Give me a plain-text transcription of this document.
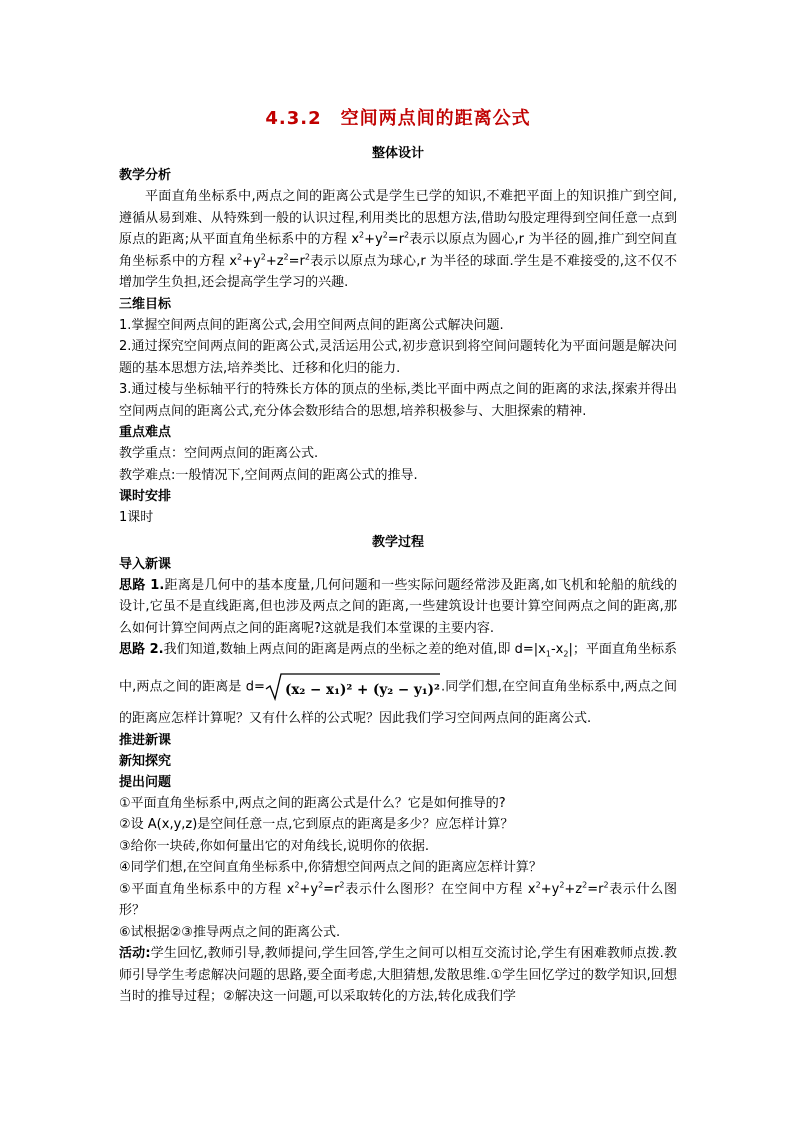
4.3.2　空间两点间的距离公式
整体设计
教学分析

平面直角坐标系中,两点之间的距离公式是学生已学的知识,不难把平面上的知识推广到空间,遵循从易到难、从特殊到一般的认识过程,利用类比的思想方法,借助勾股定理得到空间任意一点到原点的距离;从平面直角坐标系中的方程 $x^2+y^2=r^2$表示以原点为圆心,r 为半径的圆,推广到空间直角坐标系中的方程 $x^2+y^2+z^2=r^2$表示以原点为球心,r 为半径的球面.学生是不难接受的,这不仅不增加学生负担,还会提高学生学习的兴趣.

三维目标

1.掌握空间两点间的距离公式,会用空间两点间的距离公式解决问题.

2.通过探究空间两点间的距离公式,灵活运用公式,初步意识到将空间问题转化为平面问题是解决问题的基本思想方法,培养类比、迁移和化归的能力.

3.通过棱与坐标轴平行的特殊长方体的顶点的坐标,类比平面中两点之间的距离的求法,探索并得出空间两点间的距离公式,充分体会数形结合的思想,培养积极参与、大胆探索的精神.

重点难点

教学重点：空间两点间的距离公式.

教学难点:一般情况下,空间两点间的距离公式的推导.

课时安排

1课时

教学过程
导入新课

思路 1.距离是几何中的基本度量,几何问题和一些实际问题经常涉及距离,如飞机和轮船的航线的设计,它虽不是直线距离,但也涉及两点之间的距离,一些建筑设计也要计算空间两点之间的距离,那么如何计算空间两点之间的距离呢?这就是我们本堂课的主要内容.

思路 2.我们知道,数轴上两点间的距离是两点的坐标之差的绝对值,即 $d=|x_1-x_2|$；平面直角坐标系中,两点之间的距离是 d= (x₂ − x₁)² + (y₂ − y₁)² .同学们想,在空间直角坐标系中,两点之间的距离应怎样计算呢？又有什么样的公式呢？因此我们学习空间两点间的距离公式.

推进新课
新知探究
提出问题

①平面直角坐标系中,两点之间的距离公式是什么？它是如何推导的?

②设 A(x,y,z)是空间任意一点,它到原点的距离是多少？应怎样计算？

③给你一块砖,你如何量出它的对角线长,说明你的依据.

④同学们想,在空间直角坐标系中,你猜想空间两点之间的距离应怎样计算？

⑤平面直角坐标系中的方程 $x^2+y^2=r^2$表示什么图形？在空间中方程 $x^2+y^2+z^2=r^2$表示什么图形？

⑥试根据②③推导两点之间的距离公式.

活动:学生回忆,教师引导,教师提问,学生回答,学生之间可以相互交流讨论,学生有困难教师点拨.教师引导学生考虑解决问题的思路,要全面考虑,大胆猜想,发散思维.①学生回忆学过的数学知识,回想当时的推导过程；②解决这一问题,可以采取转化的方法,转化成我们学
